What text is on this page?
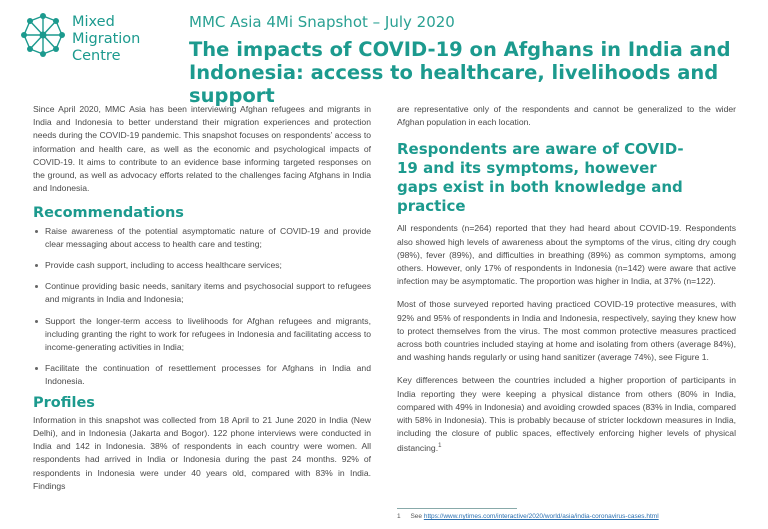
Mixed
Migration
Centre
MMC Asia 4Mi Snapshot – July 2020
The impacts of COVID-19 on Afghans in India and Indonesia: access to healthcare, livelihoods and support

Since April 2020, MMC Asia has been interviewing Afghan refugees and migrants in India and Indonesia to better understand their migration experiences and protection needs during the COVID-19 pandemic. This snapshot focuses on respondents’ access to information and health care, as well as the economic and psychological impacts of COVID-19. It aims to contribute to an evidence base informing targeted responses on the ground, as well as advocacy efforts related to the challenges facing Afghans in India and Indonesia.

Recommendations
Raise awareness of the potential asymptomatic nature of COVID-19 and provide clear messaging about access to health care and testing;
Provide cash support, including to access healthcare services;
Continue providing basic needs, sanitary items and psychosocial support to refugees and migrants in India and Indonesia;
Support the longer-term access to livelihoods for Afghan refugees and migrants, including granting the right to work for refugees in Indonesia and facilitating access to income-generating activities in India;
Facilitate the continuation of resettlement processes for Afghans in India and Indonesia.
Profiles

Information in this snapshot was collected from 18 April to 21 June 2020 in India (New Delhi), and in Indonesia (Jakarta and Bogor). 122 phone interviews were conducted in India and 142 in Indonesia. 38% of respondents in each country were women. All respondents had arrived in India or Indonesia during the past 24 months. 92% of respondents in Indonesia were under 40 years old, compared with 83% in India. Findings

are representative only of the respondents and cannot be generalized to the wider Afghan population in each location.

Respondents are aware of COVID-19 and its symptoms, however gaps exist in both knowledge and practice

All respondents (n=264) reported that they had heard about COVID-19. Respondents also showed high levels of awareness about the symptoms of the virus, citing dry cough (98%), fever (89%), and difficulties in breathing (89%) as common symptoms, among others. However, only 17% of respondents in Indonesia (n=142) were aware that active infection may be asymptomatic. The proportion was higher in India, at 37% (n=122).

Most of those surveyed reported having practiced COVID-19 protective measures, with 92% and 95% of respondents in India and Indonesia, respectively, saying they knew how to protect themselves from the virus. The most common protective measures practiced across both countries included staying at home and isolating from others (average 84%), and washing hands regularly or using hand sanitizer (average 74%), see Figure 1.

Key differences between the countries included a higher proportion of participants in India reporting they were keeping a physical distance from others (80% in India, compared with 49% in Indonesia) and avoiding crowded spaces (83% in India, compared with 58% in Indonesia). This is probably because of stricter lockdown measures in India, including the closure of public spaces, effectively enforcing higher levels of physical distancing.$^1$

1 See https://www.nytimes.com/interactive/2020/world/asia/india-coronavirus-cases.html
